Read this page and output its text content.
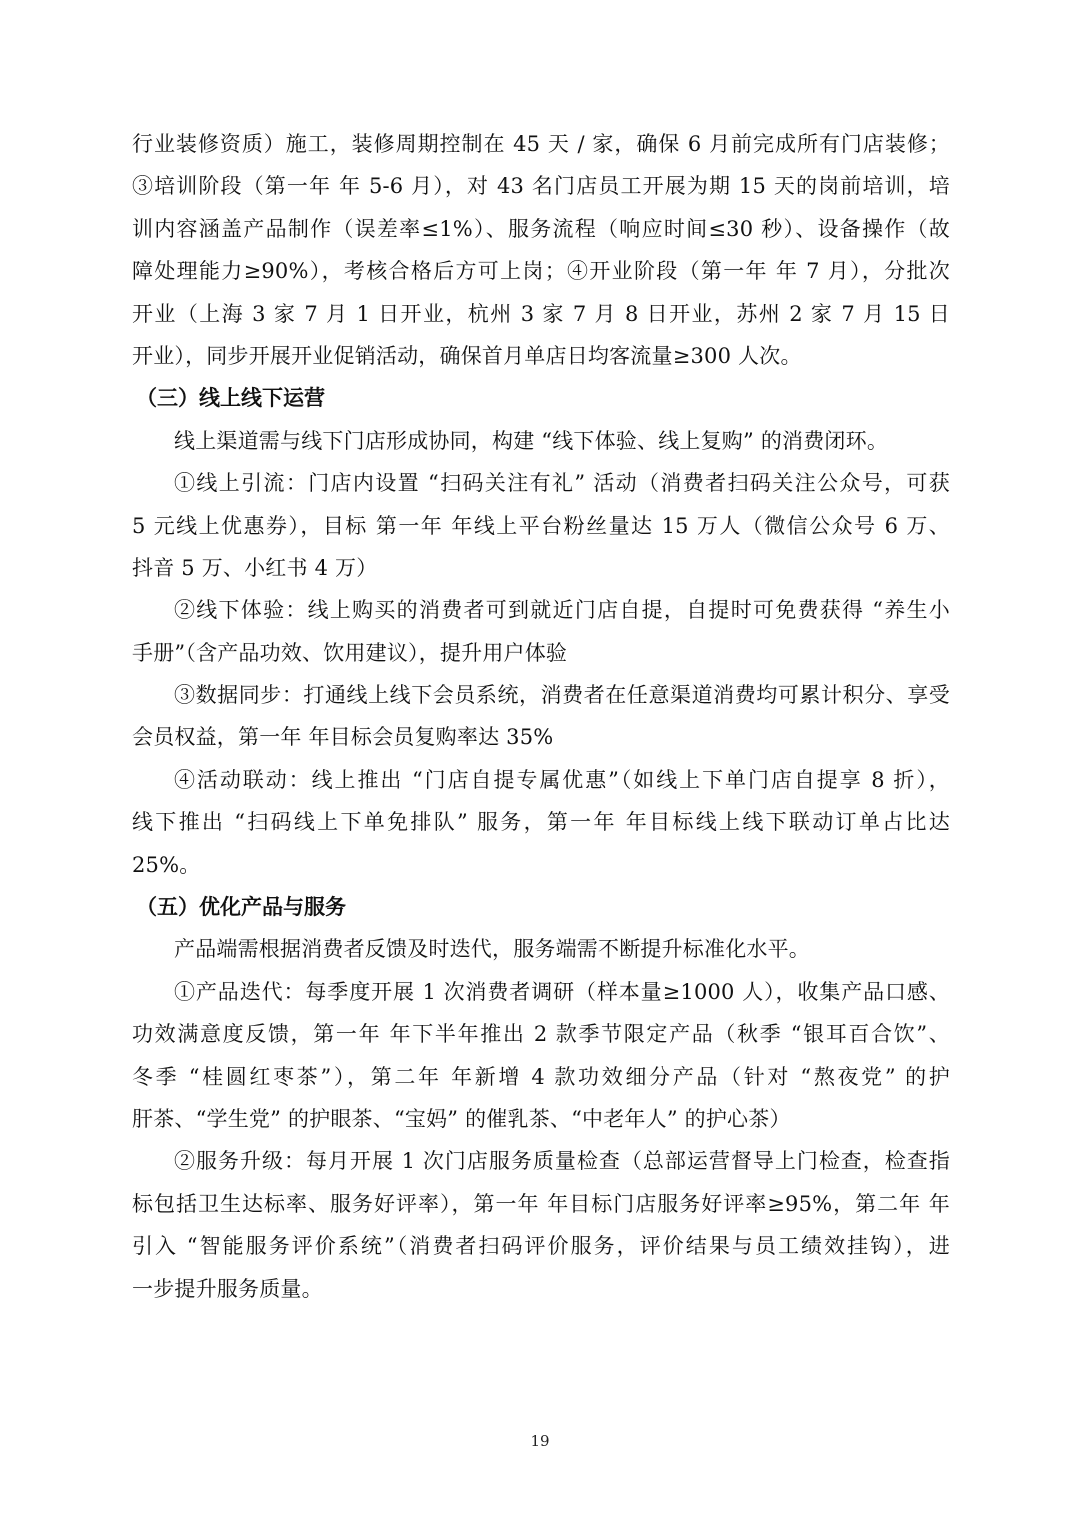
行业装修资质）施工，装修周期控制在 45 天 / 家，确保 6 月前完成所有门店装修；
③培训阶段（第一年 年 5-6 月），对 43 名门店员工开展为期 15 天的岗前培训，培
训内容涵盖产品制作（误差率≤1%）、服务流程（响应时间≤30 秒）、设备操作（故
障处理能力≥90%），考核合格后方可上岗；④开业阶段（第一年 年 7 月），分批次
开业（上海 3 家 7 月 1 日开业，杭州 3 家 7 月 8 日开业，苏州 2 家 7 月 15 日
开业），同步开展开业促销活动，确保首月单店日均客流量≥300 人次。
（三）线上线下运营
线上渠道需与线下门店形成协同，构建 “线下体验、线上复购” 的消费闭环。
①线上引流：门店内设置 “扫码关注有礼” 活动（消费者扫码关注公众号，可获
5 元线上优惠券），目标 第一年 年线上平台粉丝量达 15 万人（微信公众号 6 万、
抖音 5 万、小红书 4 万）
②线下体验：线上购买的消费者可到就近门店自提，自提时可免费获得 “养生小
手册”（含产品功效、饮用建议），提升用户体验
③数据同步：打通线上线下会员系统，消费者在任意渠道消费均可累计积分、享受
会员权益，第一年 年目标会员复购率达 35%
④活动联动：线上推出 “门店自提专属优惠”（如线上下单门店自提享 8 折），
线下推出 “扫码线上下单免排队” 服务，第一年 年目标线上线下联动订单占比达
25%。
（五）优化产品与服务
产品端需根据消费者反馈及时迭代，服务端需不断提升标准化水平。
①产品迭代：每季度开展 1 次消费者调研（样本量≥1000 人），收集产品口感、
功效满意度反馈，第一年 年下半年推出 2 款季节限定产品（秋季 “银耳百合饮”、
冬季 “桂圆红枣茶”），第二年 年新增 4 款功效细分产品（针对 “熬夜党” 的护
肝茶、“学生党” 的护眼茶、“宝妈” 的催乳茶、“中老年人” 的护心茶）
②服务升级：每月开展 1 次门店服务质量检查（总部运营督导上门检查，检查指
标包括卫生达标率、服务好评率），第一年 年目标门店服务好评率≥95%，第二年 年
引入 “智能服务评价系统”（消费者扫码评价服务，评价结果与员工绩效挂钩），进
一步提升服务质量。
19
